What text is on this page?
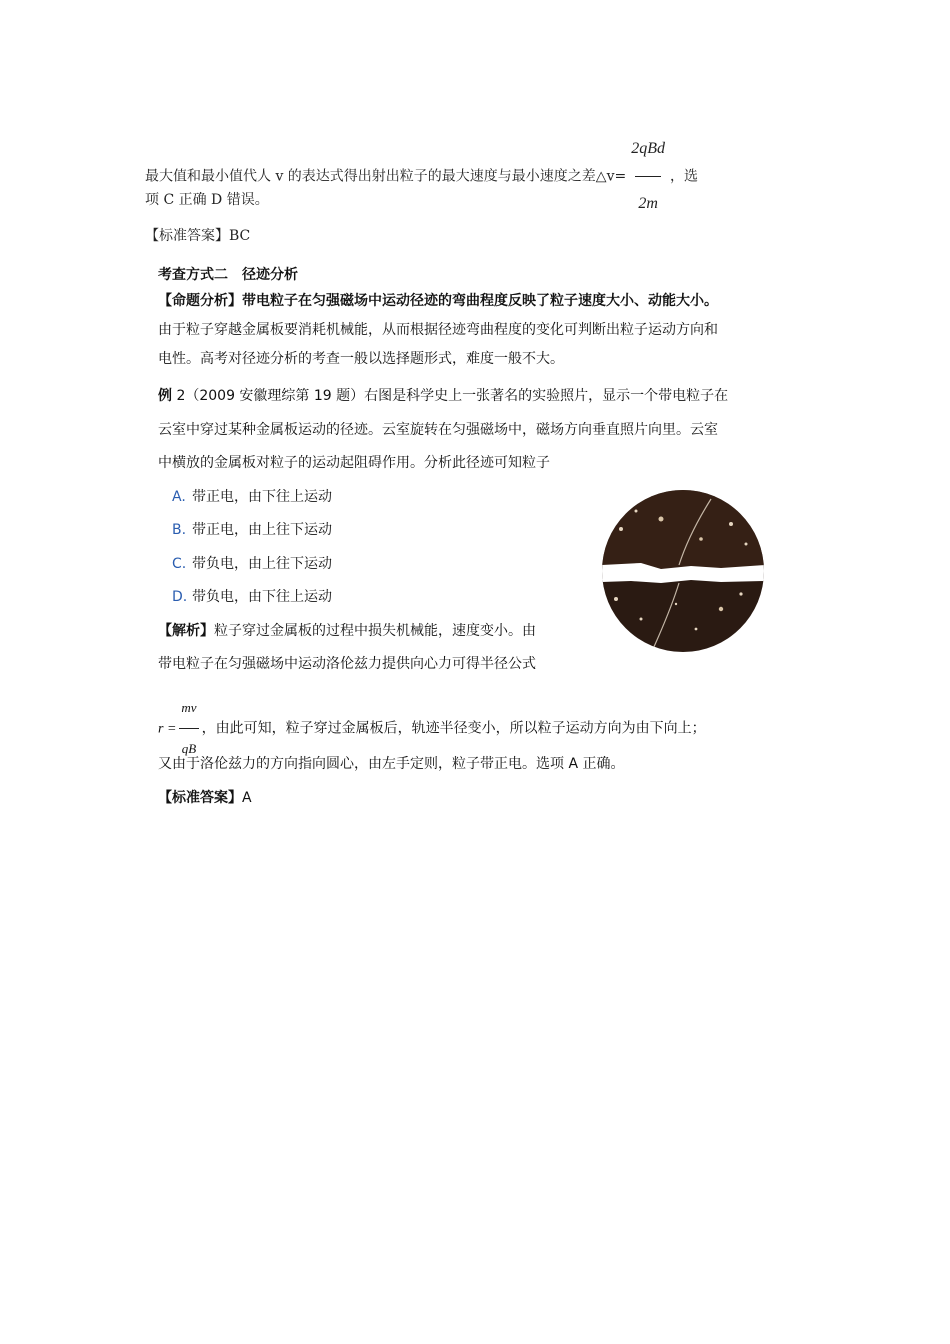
最大值和最小值代人 v 的表达式得出射出粒子的最大速度与最小速度之差△v= $\frac{\text{2qBd}}{2m}$ ，选
项 C 正确 D 错误。
【标准答案】BC
考查方式二　径迹分析
【命题分析】带电粒子在匀强磁场中运动径迹的弯曲程度反映了粒子速度大小、动能大小。
由于粒子穿越金属板要消耗机械能，从而根据径迹弯曲程度的变化可判断出粒子运动方向和
电性。高考对径迹分析的考查一般以选择题形式，难度一般不大。
例 2（2009 安徽理综第 19 题）右图是科学史上一张著名的实验照片，显示一个带电粒子在
云室中穿过某种金属板运动的径迹。云室旋转在匀强磁场中，磁场方向垂直照片向里。云室
中横放的金属板对粒子的运动起阻碍作用。分析此径迹可知粒子
A. 带正电，由下往上运动
B. 带正电，由上往下运动
C. 带负电，由上往下运动
D. 带负电，由下往上运动
【解析】粒子穿过金属板的过程中损失机械能，速度变小。由
带电粒子在匀强磁场中运动洛伦兹力提供向心力可得半径公式
$r = \frac{mv}{qB}$ ，由此可知，粒子穿过金属板后，轨迹半径变小，所以粒子运动方向为由下向上；
又由于洛伦兹力的方向指向圆心，由左手定则，粒子带正电。选项 A 正确。
【标准答案】A
